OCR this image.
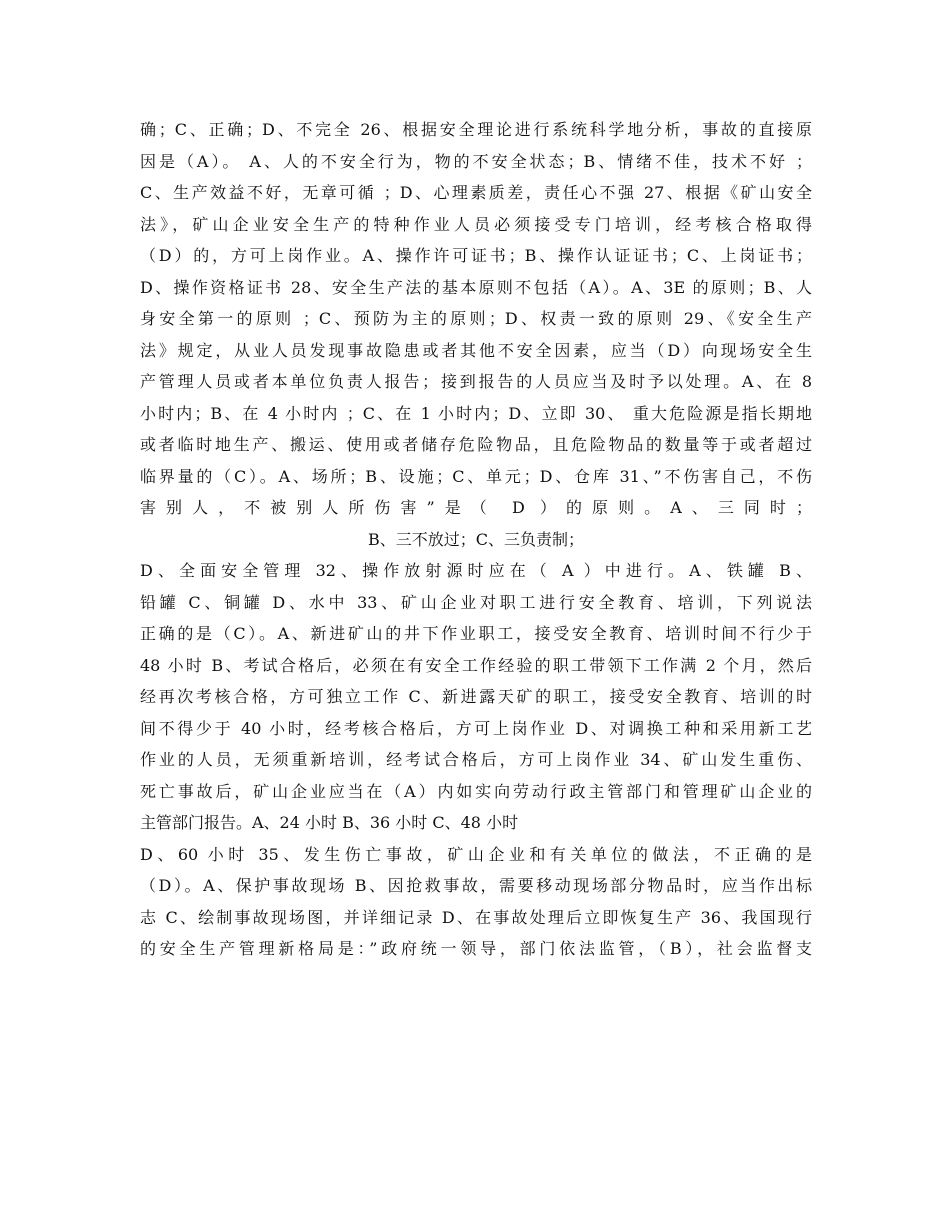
确；C、正确；D、不完全 26、根据安全理论进行系统科学地分析，事故的直接原
因是（A）。 A、人的不安全行为，物的不安全状态；B、情绪不佳，技术不好 ；
C、生产效益不好，无章可循 ；D、心理素质差，责任心不强 27、根据《矿山安全
法》，矿山企业安全生产的特种作业人员必须接受专门培训，经考核合格取得
（D）的，方可上岗作业。A、操作许可证书；B、操作认证证书；C、上岗证书；
D、操作资格证书 28、安全生产法的基本原则不包括（A）。A、3E 的原则；B、人
身安全第一的原则 ；C、预防为主的原则；D、权责一致的原则 29、《安全生产
法》规定，从业人员发现事故隐患或者其他不安全因素，应当（D）向现场安全生
产管理人员或者本单位负责人报告；接到报告的人员应当及时予以处理。A、在 8
小时内；B、在 4 小时内 ；C、在 1 小时内；D、立即 30、 重大危险源是指长期地
或者临时地生产、搬运、使用或者储存危险物品，且危险物品的数量等于或者超过
临界量的（C）。A、场所；B、设施；C、单元；D、仓库 31、”不伤害自己，不伤
害别人，不被别人所伤害”是（ D ）的原则。A、三同时；
B、三不放过；C、三负责制；
D、全面安全管理 32、操作放射源时应在（ A ）中进行。A、铁罐 B、
铅罐 C、铜罐 D、水中 33、矿山企业对职工进行安全教育、培训，下列说法
正确的是（C）。A、新进矿山的井下作业职工，接受安全教育、培训时间不行少于
48 小时 B、考试合格后，必须在有安全工作经验的职工带领下工作满 2 个月，然后
经再次考核合格，方可独立工作 C、新进露天矿的职工，接受安全教育、培训的时
间不得少于 40 小时，经考核合格后，方可上岗作业 D、对调换工种和采用新工艺
作业的人员，无须重新培训，经考试合格后，方可上岗作业 34、矿山发生重伤、
死亡事故后，矿山企业应当在（A）内如实向劳动行政主管部门和管理矿山企业的
主管部门报告。A、24 小时 B、36 小时 C、48 小时
D、60 小时 35、发生伤亡事故，矿山企业和有关单位的做法，不正确的是
（D）。A、保护事故现场 B、因抢救事故，需要移动现场部分物品时，应当作出标
志 C、绘制事故现场图，并详细记录 D、在事故处理后立即恢复生产 36、我国现行
的安全生产管理新格局是：”政府统一领导，部门依法监管，（B），社会监督支
